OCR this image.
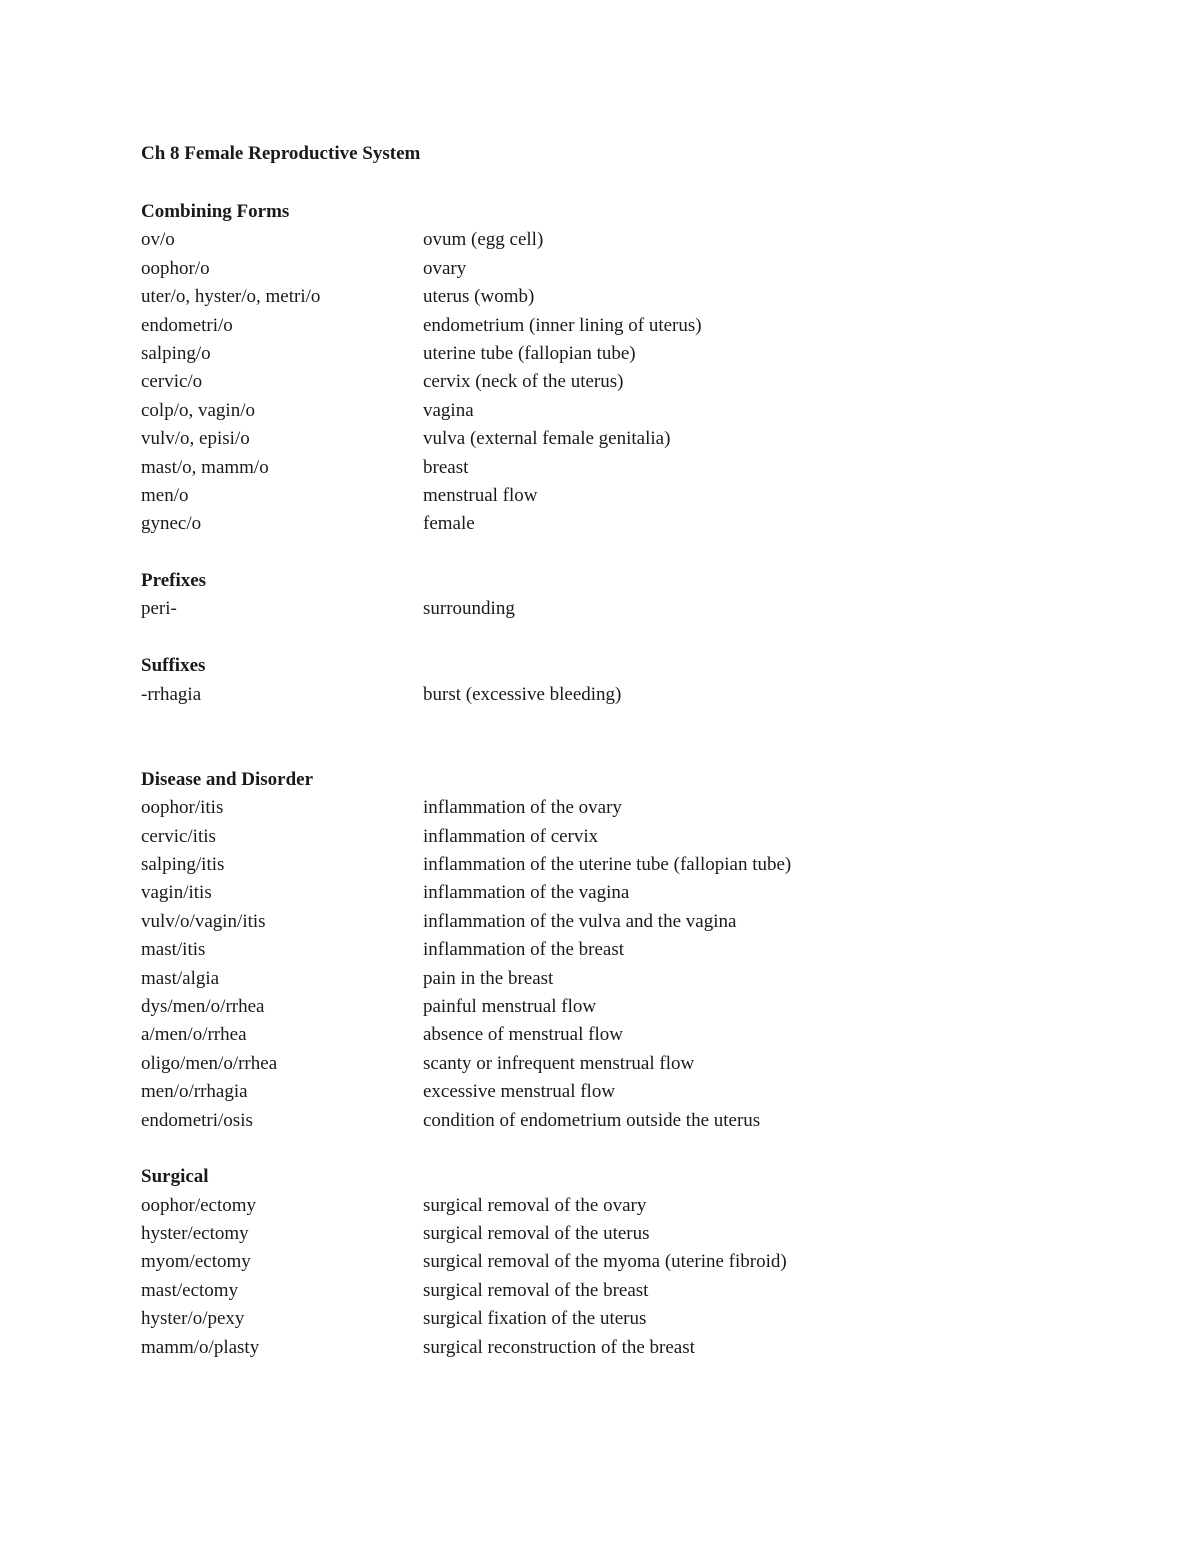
Ch 8 Female Reproductive System
Combining Forms
ov/o	ovum (egg cell)
oophor/o	ovary
uter/o, hyster/o, metri/o	uterus (womb)
endometri/o	endometrium (inner lining of uterus)
salping/o	uterine tube (fallopian tube)
cervic/o	cervix (neck of the uterus)
colp/o, vagin/o	vagina
vulv/o, episi/o	vulva (external female genitalia)
mast/o, mamm/o	breast
men/o	menstrual flow
gynec/o	female
Prefixes
peri-	surrounding
Suffixes
-rrhagia	burst (excessive bleeding)
Disease and Disorder
oophor/itis	inflammation of the ovary
cervic/itis	inflammation of cervix
salping/itis	inflammation of the uterine tube (fallopian tube)
vagin/itis	inflammation of the vagina
vulv/o/vagin/itis	inflammation of the vulva and the vagina
mast/itis	inflammation of the breast
mast/algia	pain in the breast
dys/men/o/rrhea	painful menstrual flow
a/men/o/rrhea	absence of menstrual flow
oligo/men/o/rrhea	scanty or infrequent menstrual flow
men/o/rrhagia	excessive menstrual flow
endometri/osis	condition of endometrium outside the uterus
Surgical
oophor/ectomy	surgical removal of the ovary
hyster/ectomy	surgical removal of the uterus
myom/ectomy	surgical removal of the myoma (uterine fibroid)
mast/ectomy	surgical removal of the breast
hyster/o/pexy	surgical fixation of the uterus
mamm/o/plasty	surgical reconstruction of the breast
